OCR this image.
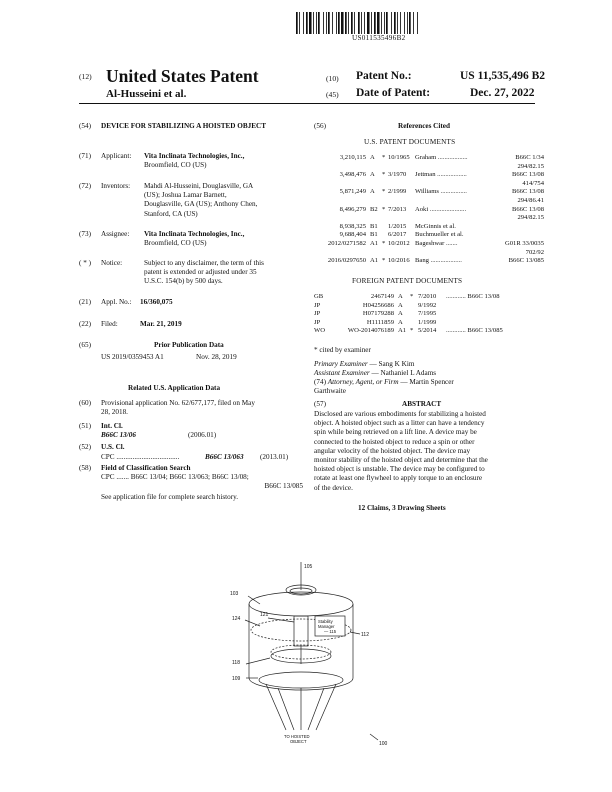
US011535496B2
(12) United States Patent
Al-Husseini et al.
(10) Patent No.:	US 11,535,496 B2
(45) Date of Patent:	Dec. 27, 2022
(54) DEVICE FOR STABILIZING A HOISTED OBJECT
(71) Applicant: Vita Inclinata Technologies, Inc.,
Broomfield, CO (US)
(72) Inventors: Mahdi Al-Husseini, Douglasville, GA
(US); Joshua Lamar Barnett,
Douglasville, GA (US); Anthony Chen,
Stanford, CA (US)
(73) Assignee: Vita Inclinata Technologies, Inc.,
Broomfield, CO (US)
( * ) Notice:	Subject to any disclaimer, the term of this
patent is extended or adjusted under 35
U.S.C. 154(b) by 500 days.
(21) Appl. No.: 16/360,075
(22) Filed:	Mar. 21, 2019
(65)	Prior Publication Data
US 2019/0359453 A1	Nov. 28, 2019
Related U.S. Application Data
(60) Provisional application No. 62/677,177, filed on May
28, 2018.
(51) Int. Cl.
B66C 13/06	(2006.01)
(52) U.S. Cl.
CPC ...................................	B66C 13/063 (2013.01)
(58) Field of Classification Search
CPC ....... B66C 13/04; B66C 13/063; B66C 13/08;
B66C 13/085
See application file for complete search history.
(56)	References Cited
U.S. PATENT DOCUMENTS
3,210,115 A	* 10/1965 Graham ..................	B66C 1/34
294/82.15
3,498,476 A	* 3/1970	Jettman ..................	B66C 13/08
414/754
5,871,249 A	* 2/1999	Williams ................	B66C 13/08
294/86.41
8,496,279 B2 * 7/2013	Aoki ......................	B66C 13/08
294/82.15
8,938,325 B1	1/2015	McGinnis et al.
9,688,404 B1	6/2017	Buchmueller et al.
2012/0271582 A1 * 10/2012 Bageshwar .......	G01R 33/0035
702/92
2016/0297650 A1 * 10/2016 Bang ...................	B66C 13/085
FOREIGN PATENT DOCUMENTS
GB	2467149 A	* 7/2010	............ B66C 13/08
JP	H04256686 A	9/1992
JP	H07179288 A	7/1995
JP	H1111859 A	1/1999
WO	WO-2014076189 A1 * 5/2014	............ B66C 13/085
* cited by examiner
Primary Examiner — Sang K Kim
Assistant Examiner — Nathaniel L Adams
(74) Attorney, Agent, or Firm — Martin Spencer
Garthwaite
(57)	ABSTRACT
Disclosed are various embodiments for stabilizing a hoisted
object. A hoisted object such as a litter can have a tendency
spin while being retrieved on a lift line. A device may be
connected to the hoisted object to reduce a spin or other
angular velocity of the hoisted object. The device may
monitor stability of the hoisted object and determine that the
hoisted object is unstable. The device may be configured to
rotate at least one flywheel to apply torque to an enclosure
of the device.
12 Claims, 3 Drawing Sheets
105
103
124
121
112
118
109
100
Stability
Manager
— 115
TO HOISTED
OBJECT
